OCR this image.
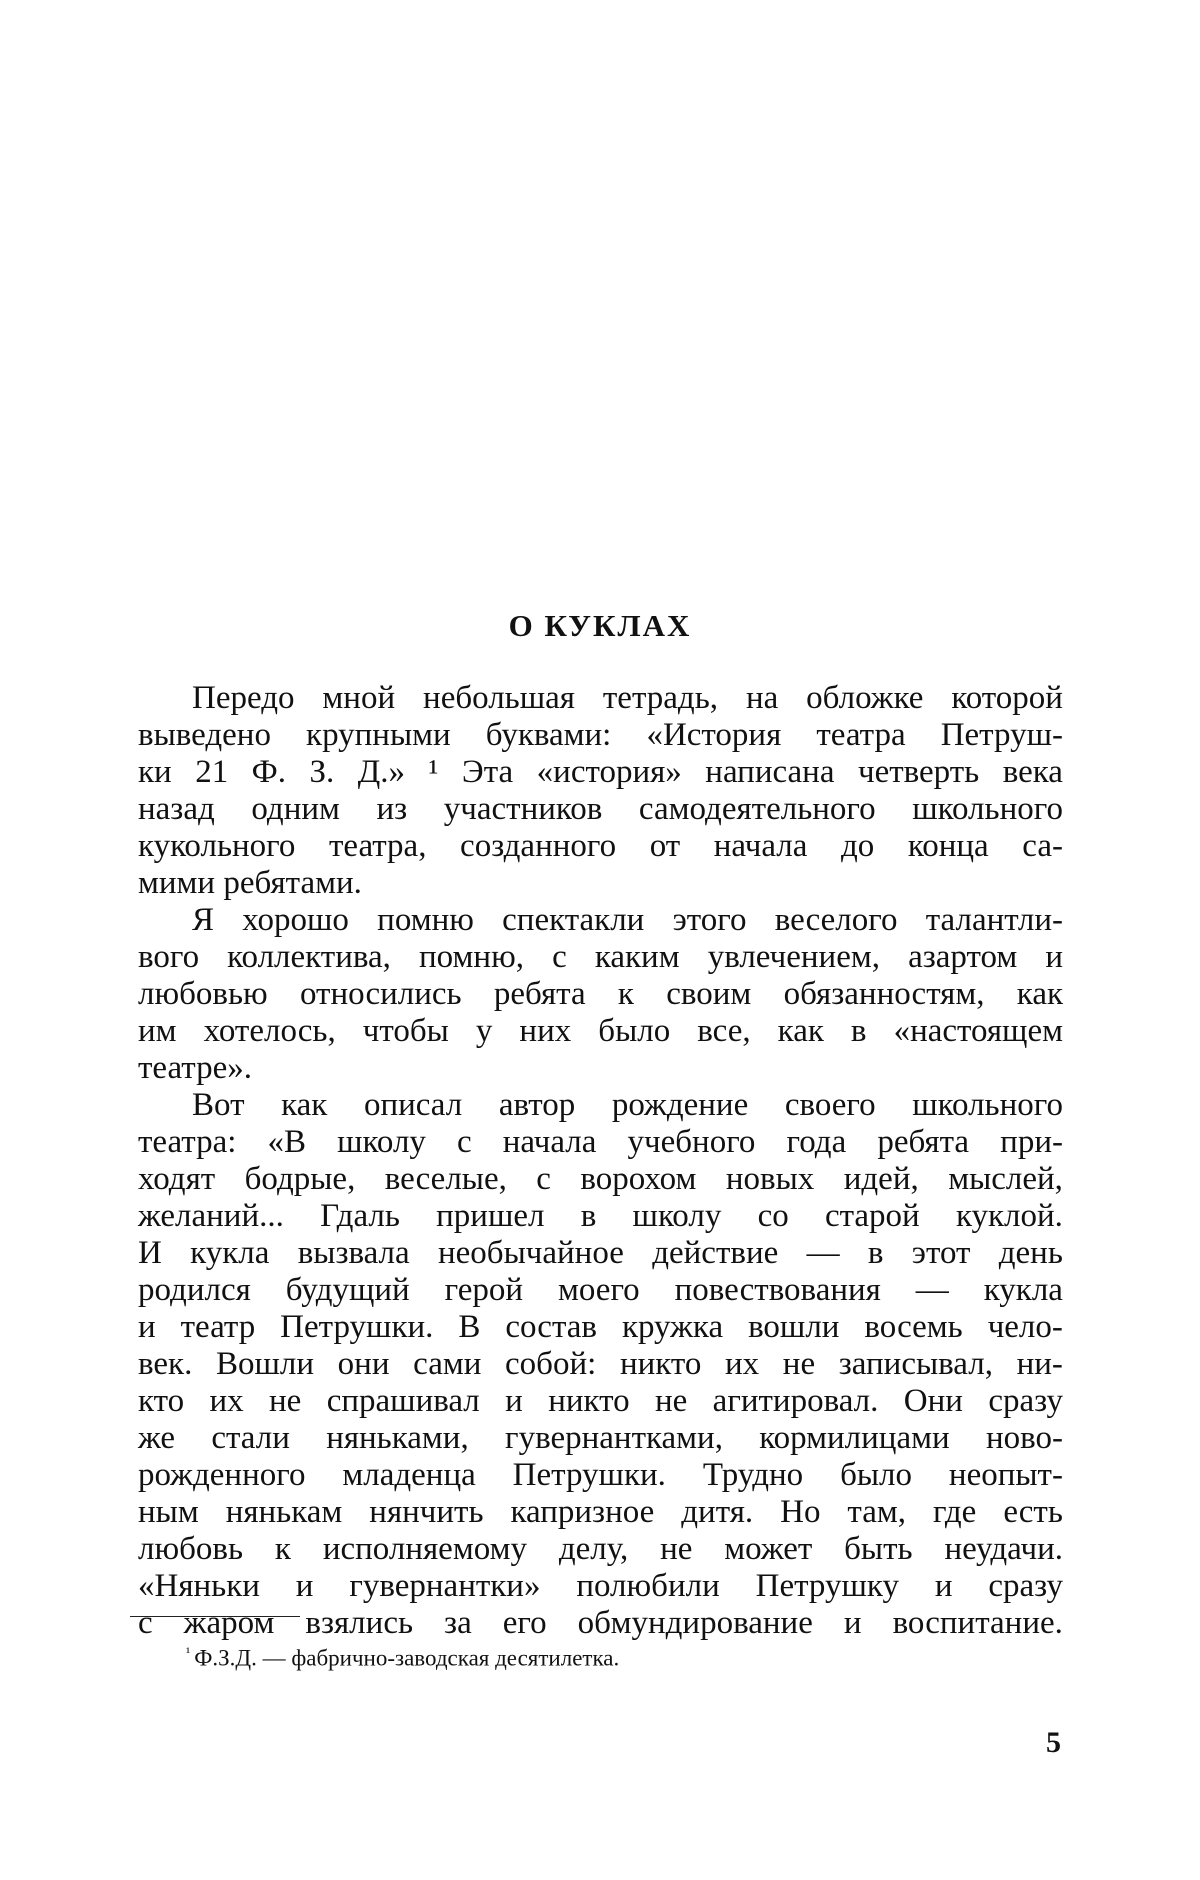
О КУКЛАХ
Передо мной небольшая тетрадь, на обложке которой
выведено крупными буквами: «История театра Петруш-
ки 21 Ф. З. Д.» ¹ Эта «история» написана четверть века
назад одним из участников самодеятельного школьного
кукольного театра, созданного от начала до конца са-
мими ребятами.
Я хорошо помню спектакли этого веселого талантли-
вого коллектива, помню, с каким увлечением, азартом и
любовью относились ребята к своим обязанностям, как
им хотелось, чтобы у них было все, как в «настоящем
театре».
Вот как описал автор рождение своего школьного
театра: «В школу с начала учебного года ребята при-
ходят бодрые, веселые, с ворохом новых идей, мыслей,
желаний... Гдаль пришел в школу со старой куклой.
И кукла вызвала необычайное действие — в этот день
родился будущий герой моего повествования — кукла
и театр Петрушки. В состав кружка вошли восемь чело-
век. Вошли они сами собой: никто их не записывал, ни-
кто их не спрашивал и никто не агитировал. Они сразу
же стали няньками, гувернантками, кормилицами ново-
рожденного младенца Петрушки. Трудно было неопыт-
ным нянькам нянчить капризное дитя. Но там, где есть
любовь к исполняемому делу, не может быть неудачи.
«Няньки и гувернантки» полюбили Петрушку и сразу
с жаром взялись за его обмундирование и воспитание.
¹ Ф.З.Д. — фабрично-заводская десятилетка.
5
